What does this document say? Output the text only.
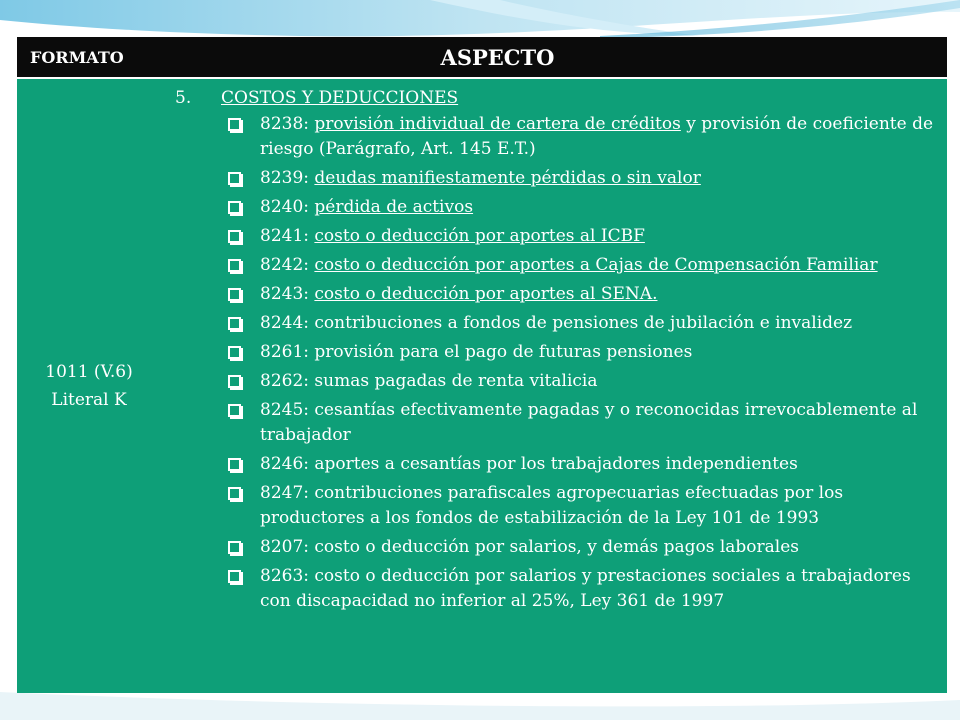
FORMATO	ASPECTO
1011 (V.6)
Literal K
5.	COSTOS Y DEDUCCIONES
8238: provisión individual de cartera de créditos y provisión de coeficiente de riesgo (Parágrafo, Art. 145 E.T.)
8239: deudas manifiestamente pérdidas o sin valor
8240: pérdida de activos
8241: costo o deducción por aportes al ICBF
8242: costo o deducción por aportes a Cajas de Compensación Familiar
8243: costo o deducción por aportes al SENA.
8244: contribuciones a fondos de pensiones de jubilación e invalidez
8261: provisión para el pago de futuras pensiones
8262: sumas pagadas de renta vitalicia
8245: cesantías efectivamente pagadas y o reconocidas irrevocablemente al trabajador
8246: aportes a cesantías por los trabajadores independientes
8247: contribuciones parafiscales agropecuarias efectuadas por los productores a los fondos de estabilización de la Ley 101 de 1993
8207: costo o deducción por salarios, y demás pagos laborales
8263: costo o deducción por salarios y prestaciones sociales a trabajadores con discapacidad no inferior al 25%, Ley 361 de 1997
